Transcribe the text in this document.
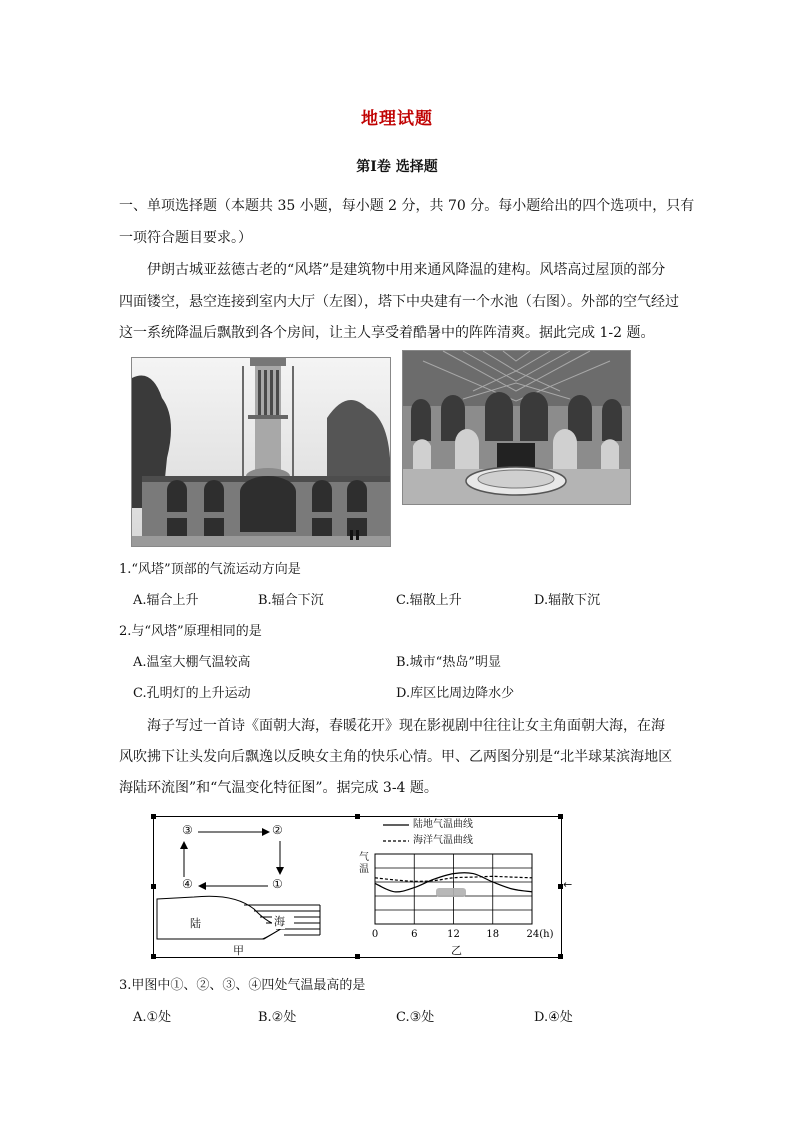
地理试题
第Ⅰ卷 选择题
一、单项选择题（本题共 35 小题，每小题 2 分，共 70 分。每小题给出的四个选项中，只有
一项符合题目要求。）
伊朗古城亚兹德古老的“风塔”是建筑物中用来通风降温的建构。风塔高过屋顶的部分
四面镂空，悬空连接到室内大厅（左图），塔下中央建有一个水池（右图）。外部的空气经过
这一系统降温后飘散到各个房间，让主人享受着酷暑中的阵阵清爽。据此完成 1-2 题。
1.“风塔”顶部的气流运动方向是
A.辐合上升	B.辐合下沉	C.辐散上升	D.辐散下沉
2.与“风塔”原理相同的是
A.温室大棚气温较高	B.城市“热岛”明显
C.孔明灯的上升运动	D.库区比周边降水少
海子写过一首诗《面朝大海，春暖花开》现在影视剧中往往让女主角面朝大海，在海
风吹拂下让头发向后飘逸以反映女主角的快乐心情。甲、乙两图分别是“北半球某滨海地区
海陆环流图”和“气温变化特征图”。据完成 3-4 题。
←
③	②
④	①
陆	海
甲
陆地气温曲线
海洋气温曲线
气
温
乙
0	6	12	18	24(h)
3.甲图中①、②、③、④四处气温最高的是
A.①处	B.②处	C.③处	D.④处
